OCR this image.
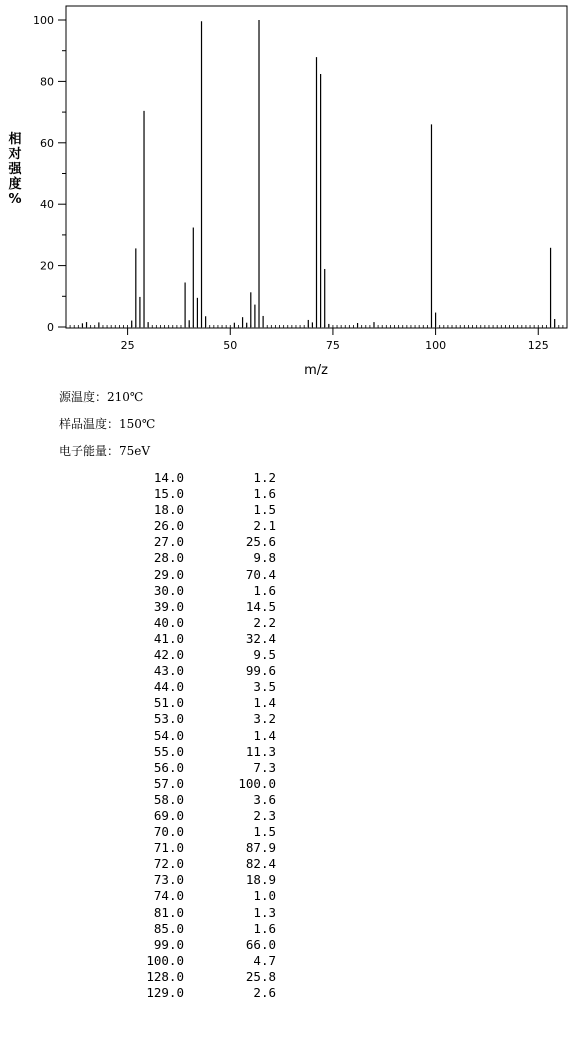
0
20
40
60
80
100
25	50	75	100	125
m/z
相
对
强
度
%
源温度：210℃
样品温度：150℃
电子能量：75eV
14.0	1.2
15.0	1.6
18.0	1.5
26.0	2.1
27.0	25.6
28.0	9.8
29.0	70.4
30.0	1.6
39.0	14.5
40.0	2.2
41.0	32.4
42.0	9.5
43.0	99.6
44.0	3.5
51.0	1.4
53.0	3.2
54.0	1.4
55.0	11.3
56.0	7.3
57.0	100.0
58.0	3.6
69.0	2.3
70.0	1.5
71.0	87.9
72.0	82.4
73.0	18.9
74.0	1.0
81.0	1.3
85.0	1.6
99.0	66.0
100.0	4.7
128.0	25.8
129.0	2.6
